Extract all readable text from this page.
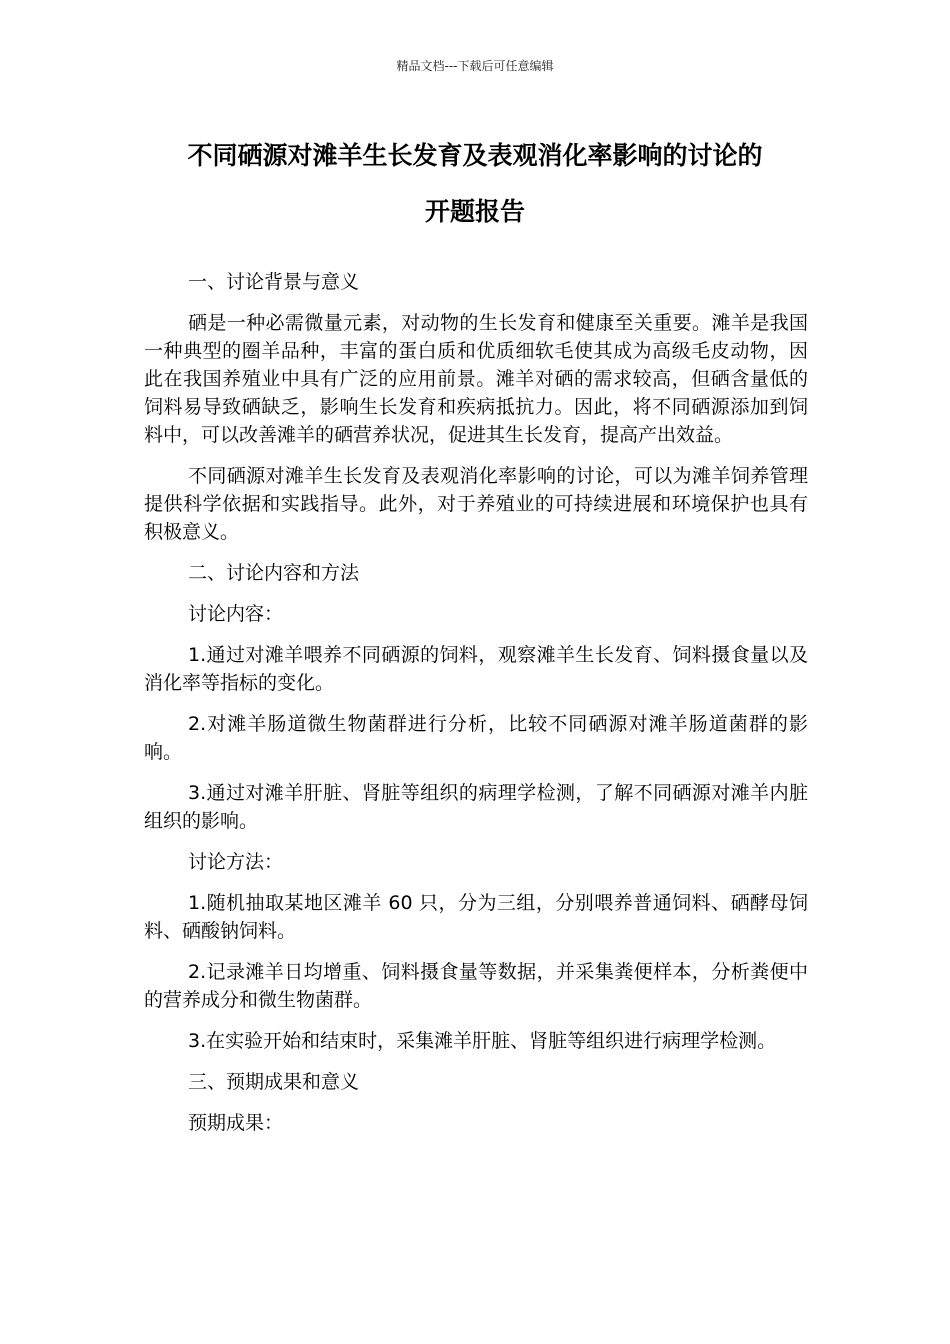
精品文档---下载后可任意编辑
不同硒源对滩羊生长发育及表观消化率影响的讨论的
开题报告

一、讨论背景与意义

硒是一种必需微量元素，对动物的生长发育和健康至关重要。滩羊是我国一种典型的圈羊品种，丰富的蛋白质和优质细软毛使其成为高级毛皮动物，因此在我国养殖业中具有广泛的应用前景。滩羊对硒的需求较高，但硒含量低的饲料易导致硒缺乏，影响生长发育和疾病抵抗力。因此，将不同硒源添加到饲料中，可以改善滩羊的硒营养状况，促进其生长发育，提高产出效益。

不同硒源对滩羊生长发育及表观消化率影响的讨论，可以为滩羊饲养管理提供科学依据和实践指导。此外，对于养殖业的可持续进展和环境保护也具有积极意义。

二、讨论内容和方法

讨论内容：

1.通过对滩羊喂养不同硒源的饲料，观察滩羊生长发育、饲料摄食量以及消化率等指标的变化。

2.对滩羊肠道微生物菌群进行分析，比较不同硒源对滩羊肠道菌群的影响。

3.通过对滩羊肝脏、肾脏等组织的病理学检测，了解不同硒源对滩羊内脏组织的影响。

讨论方法：

1.随机抽取某地区滩羊 60 只，分为三组，分别喂养普通饲料、硒酵母饲料、硒酸钠饲料。

2.记录滩羊日均增重、饲料摄食量等数据，并采集粪便样本，分析粪便中的营养成分和微生物菌群。

3.在实验开始和结束时，采集滩羊肝脏、肾脏等组织进行病理学检测。

三、预期成果和意义

预期成果：
